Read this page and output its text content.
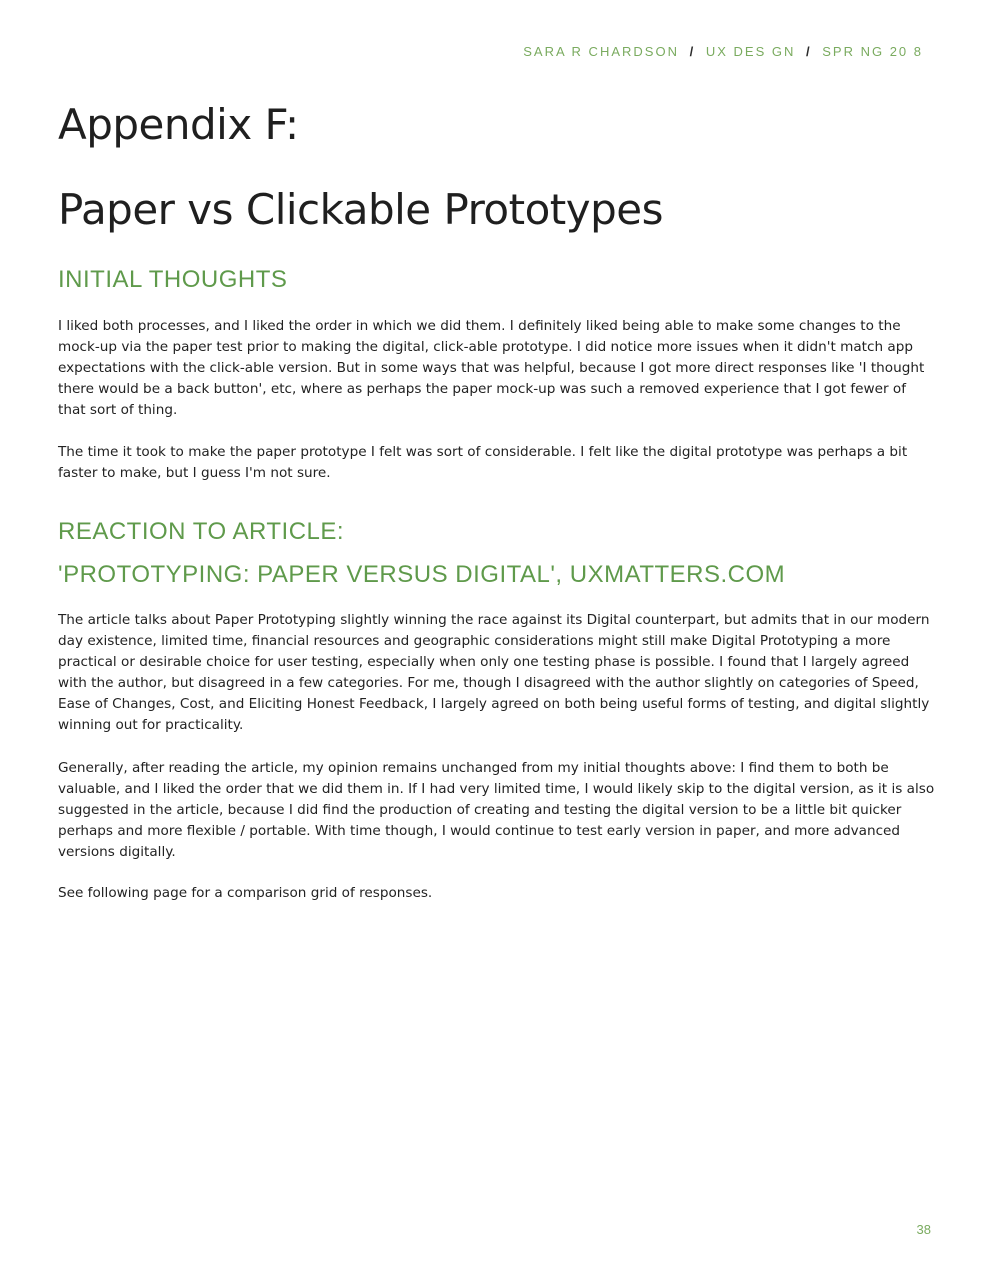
SARA R CHARDSON / UX DES GN / SPR NG 20 8
Appendix F:
Paper vs Clickable Prototypes
INITIAL THOUGHTS

I liked both processes, and I liked the order in which we did them. I definitely liked being able to make some changes to the mock-up via the paper test prior to making the digital, click-able prototype. I did notice more issues when it didn't match app expectations with the click-able version. But in some ways that was helpful, because I got more direct responses like 'I thought there would be a back button', etc, where as perhaps the paper mock-up was such a removed experience that I got fewer of that sort of thing.

The time it took to make the paper prototype I felt was sort of considerable. I felt like the digital prototype was perhaps a bit faster to make, but I guess I'm not sure.

REACTION TO ARTICLE:
'PROTOTYPING: PAPER VERSUS DIGITAL', UXMATTERS.COM

The article talks about Paper Prototyping slightly winning the race against its Digital counterpart, but admits that in our modern day existence, limited time, financial resources and geographic considerations might still make Digital Prototyping a more practical or desirable choice for user testing, especially when only one testing phase is possible. I found that I largely agreed with the author, but disagreed in a few categories. For me, though I disagreed with the author slightly on categories of Speed, Ease of Changes, Cost, and Eliciting Honest Feedback, I largely agreed on both being useful forms of testing, and digital slightly winning out for practicality.

Generally, after reading the article, my opinion remains unchanged from my initial thoughts above: I find them to both be valuable, and I liked the order that we did them in. If I had very limited time, I would likely skip to the digital version, as it is also suggested in the article, because I did find the production of creating and testing the digital version to be a little bit quicker perhaps and more flexible / portable. With time though, I would continue to test early version in paper, and more advanced versions digitally.

See following page for a comparison grid of responses.

38
